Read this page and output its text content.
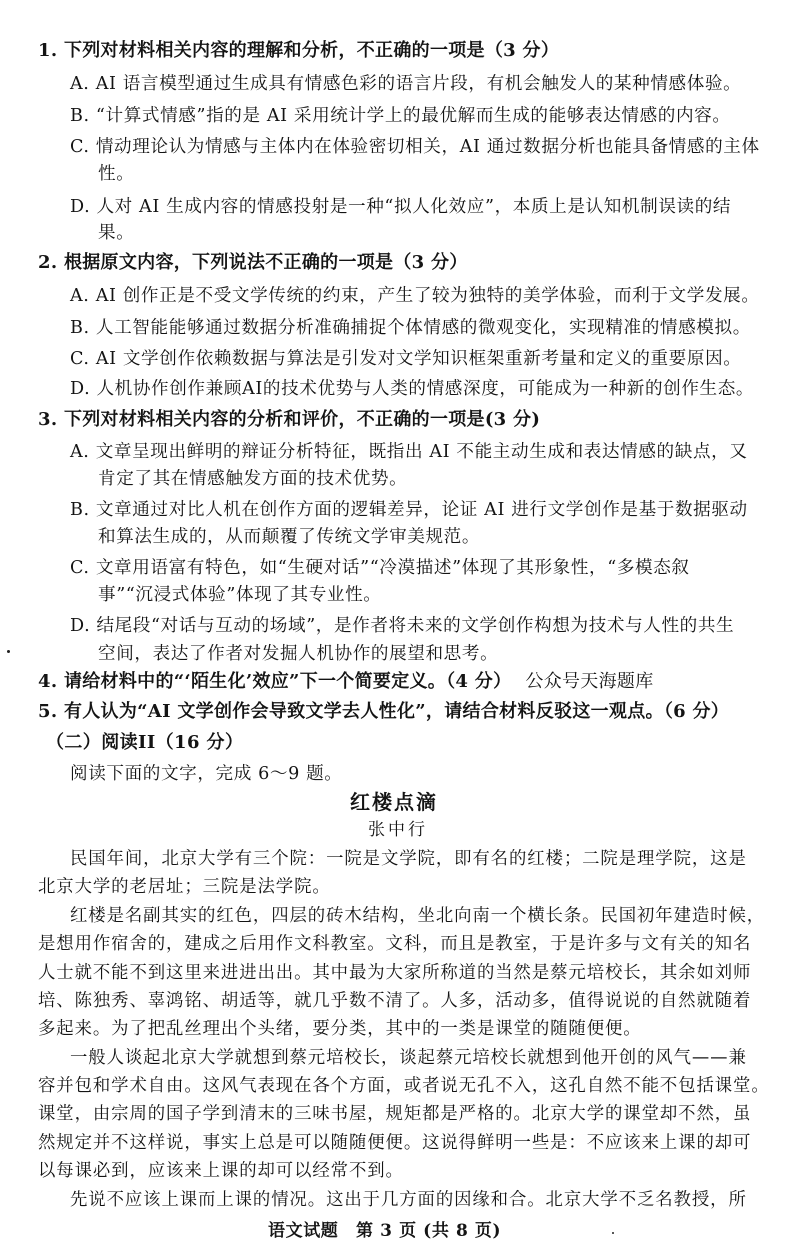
1. 下列对材料相关内容的理解和分析，不正确的一项是（3 分）
A. AI 语言模型通过生成具有情感色彩的语言片段，有机会触发人的某种情感体验。
B. “计算式情感”指的是 AI 采用统计学上的最优解而生成的能够表达情感的内容。
C. 情动理论认为情感与主体内在体验密切相关，AI 通过数据分析也能具备情感的主体
性。
D. 人对 AI 生成内容的情感投射是一种“拟人化效应”，本质上是认知机制误读的结
果。
2. 根据原文内容，下列说法不正确的一项是（3 分）
A. AI 创作正是不受文学传统的约束，产生了较为独特的美学体验，而利于文学发展。
B. 人工智能能够通过数据分析准确捕捉个体情感的微观变化，实现精准的情感模拟。
C. AI 文学创作依赖数据与算法是引发对文学知识框架重新考量和定义的重要原因。
D. 人机协作创作兼顾AI的技术优势与人类的情感深度，可能成为一种新的创作生态。
3. 下列对材料相关内容的分析和评价，不正确的一项是(3 分)
A. 文章呈现出鲜明的辩证分析特征，既指出 AI 不能主动生成和表达情感的缺点，又
肯定了其在情感触发方面的技术优势。
B. 文章通过对比人机在创作方面的逻辑差异，论证 AI 进行文学创作是基于数据驱动
和算法生成的，从而颠覆了传统文学审美规范。
C. 文章用语富有特色，如“生硬对话”“冷漠描述”体现了其形象性，“多模态叙
事”“沉浸式体验”体现了其专业性。
D. 结尾段“对话与互动的场域”，是作者将未来的文学创作构想为技术与人性的共生
空间，表达了作者对发掘人机协作的展望和思考。
4. 请给材料中的“‘陌生化’效应”下一个简要定义。（4 分） 公众号天海题库
5. 有人认为“AI 文学创作会导致文学去人性化”，请结合材料反驳这一观点。（6 分）
（二）阅读II（16 分）
阅读下面的文字，完成 6～9 题。
红楼点滴
张中行
民国年间，北京大学有三个院：一院是文学院，即有名的红楼；二院是理学院，这是
北京大学的老居址；三院是法学院。
红楼是名副其实的红色，四层的砖木结构，坐北向南一个横长条。民国初年建造时候，
是想用作宿舍的，建成之后用作文科教室。文科，而且是教室，于是许多与文有关的知名
人士就不能不到这里来进进出出。其中最为大家所称道的当然是蔡元培校长，其余如刘师
培、陈独秀、辜鸿铭、胡适等，就几乎数不清了。人多，活动多，值得说说的自然就随着
多起来。为了把乱丝理出个头绪，要分类，其中的一类是课堂的随随便便。
一般人谈起北京大学就想到蔡元培校长，谈起蔡元培校长就想到他开创的风气——兼
容并包和学术自由。这风气表现在各个方面，或者说无孔不入，这孔自然不能不包括课堂。
课堂，由宗周的国子学到清末的三味书屋，规矩都是严格的。北京大学的课堂却不然，虽
然规定并不这样说，事实上总是可以随随便便。这说得鲜明一些是：不应该来上课的却可
以每课必到，应该来上课的却可以经常不到。
先说不应该上课而上课的情况。这出于几方面的因缘和合。北京大学不乏名教授，所
语文试题　第 3 页 (共 8 页)
